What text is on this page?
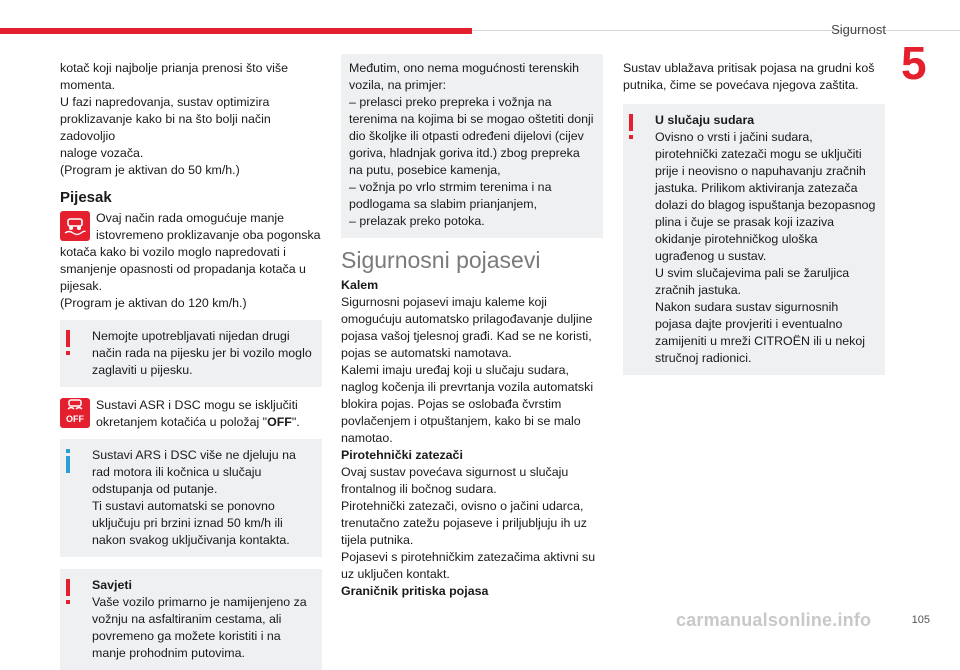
Sigurnost
5

kotač koji najbolje prianja prenosi što više
momenta.
U fazi napredovanja, sustav optimizira
proklizavanje kako bi na što bolji način zadovoljio
naloge vozača.
(Program je aktivan do 50 km/h.)

Pijesak

Ovaj način rada omogućuje manje istovremeno proklizavanje oba pogonska kotača kako bi vozilo moglo napredovati i smanjenje opasnosti od propadanja kotača u pijesak.
(Program je aktivan do 120 km/h.)

Nemojte upotrebljavati nijedan drugi način rada na pijesku jer bi vozilo moglo zaglaviti u pijesku.

OFF

Sustavi ASR i DSC mogu se isključiti okretanjem kotačića u položaj "OFF".

Sustavi ARS i DSC više ne djeluju na rad motora ili kočnica u slučaju odstupanja od putanje.
Ti sustavi automatski se ponovno uključuju pri brzini iznad 50 km/h ili nakon svakog uključivanja kontakta.

Savjeti

Vaše vozilo primarno je namijenjeno za vožnju na asfaltiranim cestama, ali povremeno ga možete koristiti i na manje prohodnim putovima.

Međutim, ono nema mogućnosti terenskih vozila, na primjer:
– prelasci preko prepreka i vožnja na terenima na kojima bi se mogao oštetiti donji dio školjke ili otpasti određeni dijelovi (cijev goriva, hladnjak goriva itd.) zbog prepreka na putu, posebice kamenja,
– vožnja po vrlo strmim terenima i na podlogama sa slabim prianjanjem,
– prelazak preko potoka.

Sigurnosni pojasevi

Kalem

Sigurnosni pojasevi imaju kaleme koji omogućuju automatsko prilagođavanje duljine pojasa vašoj tjelesnoj građi. Kad se ne koristi, pojas se automatski namotava.
Kalemi imaju uređaj koji u slučaju sudara, naglog kočenja ili prevrtanja vozila automatski blokira pojas. Pojas se oslobađa čvrstim povlačenjem i otpuštanjem, kako bi se malo namotao.

Pirotehnički zatezači

Ovaj sustav povećava sigurnost u slučaju frontalnog ili bočnog sudara.
Pirotehnički zatezači, ovisno o jačini udarca, trenutačno zatežu pojaseve i priljubljuju ih uz tijela putnika.
Pojasevi s pirotehničkim zatezačima aktivni su uz uključen kontakt.

Graničnik pritiska pojasa

Sustav ublažava pritisak pojasa na grudni koš putnika, čime se povećava njegova zaštita.

U slučaju sudara

Ovisno o vrsti i jačini sudara, pirotehnički zatezači mogu se uključiti prije i neovisno o napuhavanju zračnih jastuka. Prilikom aktiviranja zatezača dolazi do blagog ispuštanja bezopasnog plina i čuje se prasak koji izaziva okidanje pirotehničkog uloška ugrađenog u sustav.
U svim slučajevima pali se žaruljica zračnih jastuka.
Nakon sudara sustav sigurnosnih pojasa dajte provjeriti i eventualno zamijeniti u mreži CITROËN ili u nekoj stručnoj radionici.

carmanualsonline.info	105
